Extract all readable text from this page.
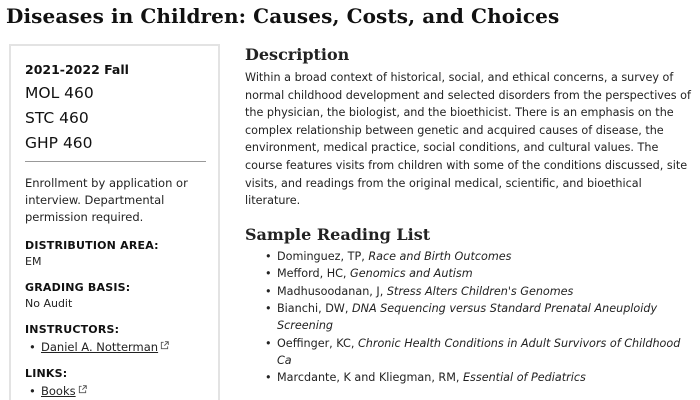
Diseases in Children: Causes, Costs, and Choices
2021-2022 Fall
MOL 460
STC 460
GHP 460
Enrollment by application or interview. Departmental permission required.
DISTRIBUTION AREA:
EM
GRADING BASIS:
No Audit
INSTRUCTORS:
• Daniel A. Notterman
LINKS:
• Books
Description

Within a broad context of historical, social, and ethical concerns, a survey of normal childhood development and selected disorders from the perspectives of the physician, the biologist, and the bioethicist. There is an emphasis on the complex relationship between genetic and acquired causes of disease, the environment, medical practice, social conditions, and cultural values. The course features visits from children with some of the conditions discussed, site visits, and readings from the original medical, scientific, and bioethical literature.

Sample Reading List
• Dominguez, TP, Race and Birth Outcomes
• Mefford, HC, Genomics and Autism
• Madhusoodanan, J, Stress Alters Children's Genomes
• Bianchi, DW, DNA Sequencing versus Standard Prenatal Aneuploidy Screening
• Oeffinger, KC, Chronic Health Conditions in Adult Survivors of Childhood Ca
• Marcdante, K and Kliegman, RM, Essential of Pediatrics
